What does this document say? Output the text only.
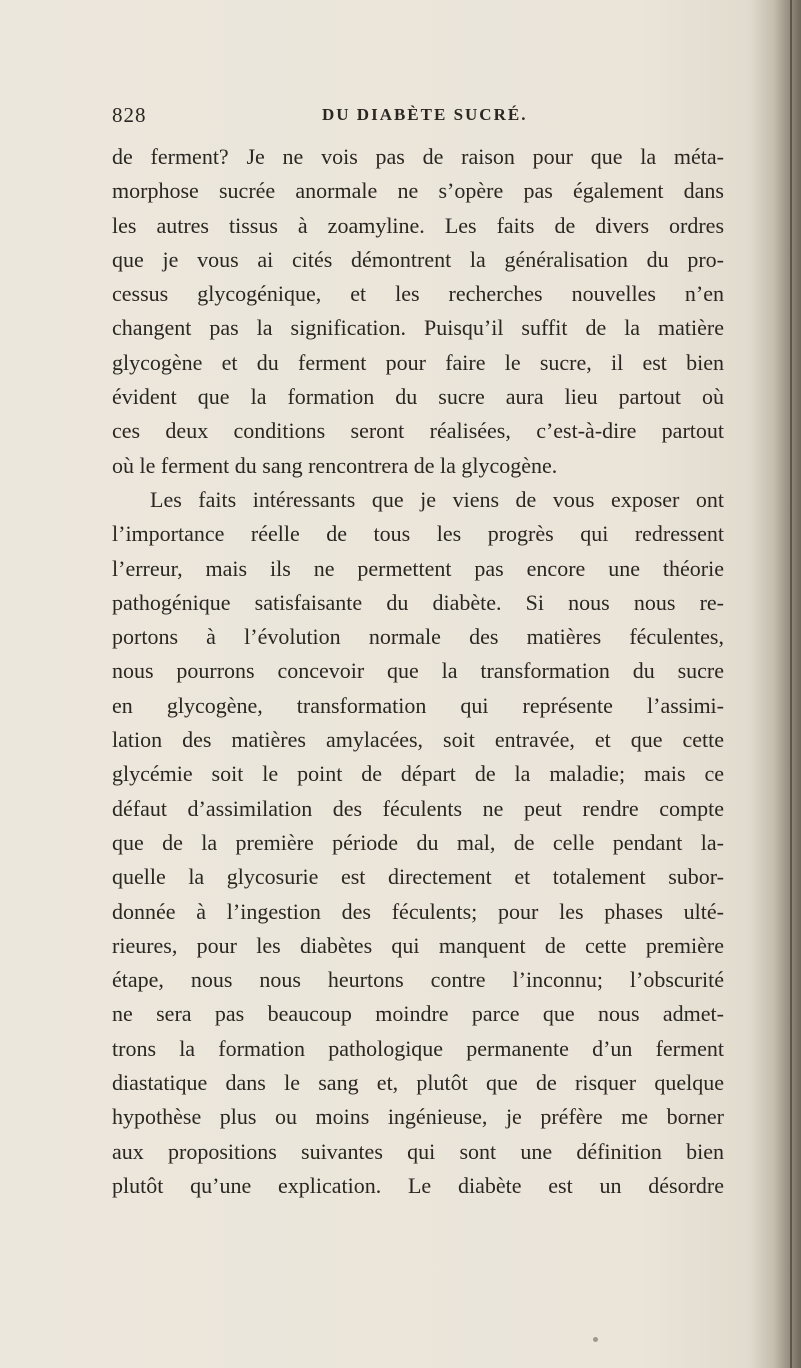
828	DU DIABÈTE SUCRÉ.
de ferment? Je ne vois pas de raison pour que la méta-
morphose sucrée anormale ne s’opère pas également dans
les autres tissus à zoamyline. Les faits de divers ordres
que je vous ai cités démontrent la généralisation du pro-
cessus glycogénique, et les recherches nouvelles n’en
changent pas la signification. Puisqu’il suffit de la matière
glycogène et du ferment pour faire le sucre, il est bien
évident que la formation du sucre aura lieu partout où
ces deux conditions seront réalisées, c’est-à-dire partout
où le ferment du sang rencontrera de la glycogène.
Les faits intéressants que je viens de vous exposer ont
l’importance réelle de tous les progrès qui redressent
l’erreur, mais ils ne permettent pas encore une théorie
pathogénique satisfaisante du diabète. Si nous nous re-
portons à l’évolution normale des matières féculentes,
nous pourrons concevoir que la transformation du sucre
en glycogène, transformation qui représente l’assimi-
lation des matières amylacées, soit entravée, et que cette
glycémie soit le point de départ de la maladie; mais ce
défaut d’assimilation des féculents ne peut rendre compte
que de la première période du mal, de celle pendant la-
quelle la glycosurie est directement et totalement subor-
donnée à l’ingestion des féculents; pour les phases ulté-
rieures, pour les diabètes qui manquent de cette première
étape, nous nous heurtons contre l’inconnu; l’obscurité
ne sera pas beaucoup moindre parce que nous admet-
trons la formation pathologique permanente d’un ferment
diastatique dans le sang et, plutôt que de risquer quelque
hypothèse plus ou moins ingénieuse, je préfère me borner
aux propositions suivantes qui sont une définition bien
plutôt qu’une explication. Le diabète est un désordre
